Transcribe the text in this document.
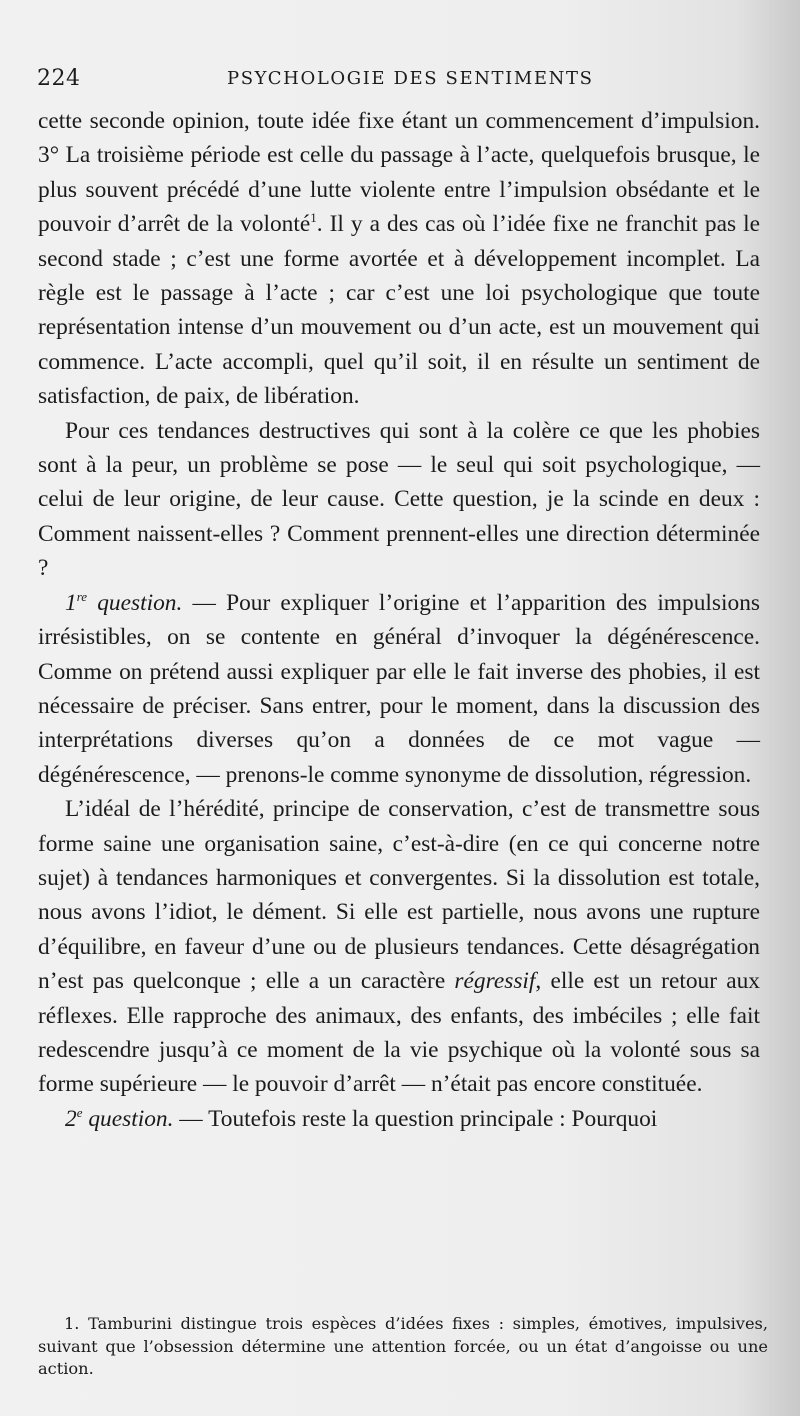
224	PSYCHOLOGIE DES SENTIMENTS

cette seconde opinion, toute idée fixe étant un commencement d’impulsion. 3° La troisième période est celle du passage à l’acte, quelquefois brusque, le plus souvent précédé d’une lutte violente entre l’impulsion obsédante et le pouvoir d’arrêt de la volonté$^1$. Il y a des cas où l’idée fixe ne franchit pas le second stade ; c’est une forme avortée et à développement incomplet. La règle est le passage à l’acte ; car c’est une loi psychologique que toute représentation intense d’un mouvement ou d’un acte, est un mouvement qui commence. L’acte accompli, quel qu’il soit, il en résulte un sentiment de satisfaction, de paix, de libération.

Pour ces tendances destructives qui sont à la colère ce que les phobies sont à la peur, un problème se pose — le seul qui soit psychologique, — celui de leur origine, de leur cause. Cette question, je la scinde en deux : Comment naissent-elles ? Comment prennent-elles une direction déterminée ?

1re question. — Pour expliquer l’origine et l’apparition des impulsions irrésistibles, on se contente en général d’invoquer la dégénérescence. Comme on prétend aussi expliquer par elle le fait inverse des phobies, il est nécessaire de préciser. Sans entrer, pour le moment, dans la discussion des interprétations diverses qu’on a données de ce mot vague — dégénérescence, — prenons-le comme synonyme de dissolution, régression.

L’idéal de l’hérédité, principe de conservation, c’est de transmettre sous forme saine une organisation saine, c’est-à-dire (en ce qui concerne notre sujet) à tendances harmoniques et convergentes. Si la dissolution est totale, nous avons l’idiot, le dément. Si elle est partielle, nous avons une rupture d’équilibre, en faveur d’une ou de plusieurs tendances. Cette désagrégation n’est pas quelconque ; elle a un caractère régressif, elle est un retour aux réflexes. Elle rapproche des animaux, des enfants, des imbéciles ; elle fait redescendre jusqu’à ce moment de la vie psychique où la volonté sous sa forme supérieure — le pouvoir d’arrêt — n’était pas encore constituée.

2e question. — Toutefois reste la question principale : Pourquoi

1. Tamburini distingue trois espèces d’idées fixes : simples, émotives, impulsives, suivant que l’obsession détermine une attention forcée, ou un état d’angoisse ou une action.
